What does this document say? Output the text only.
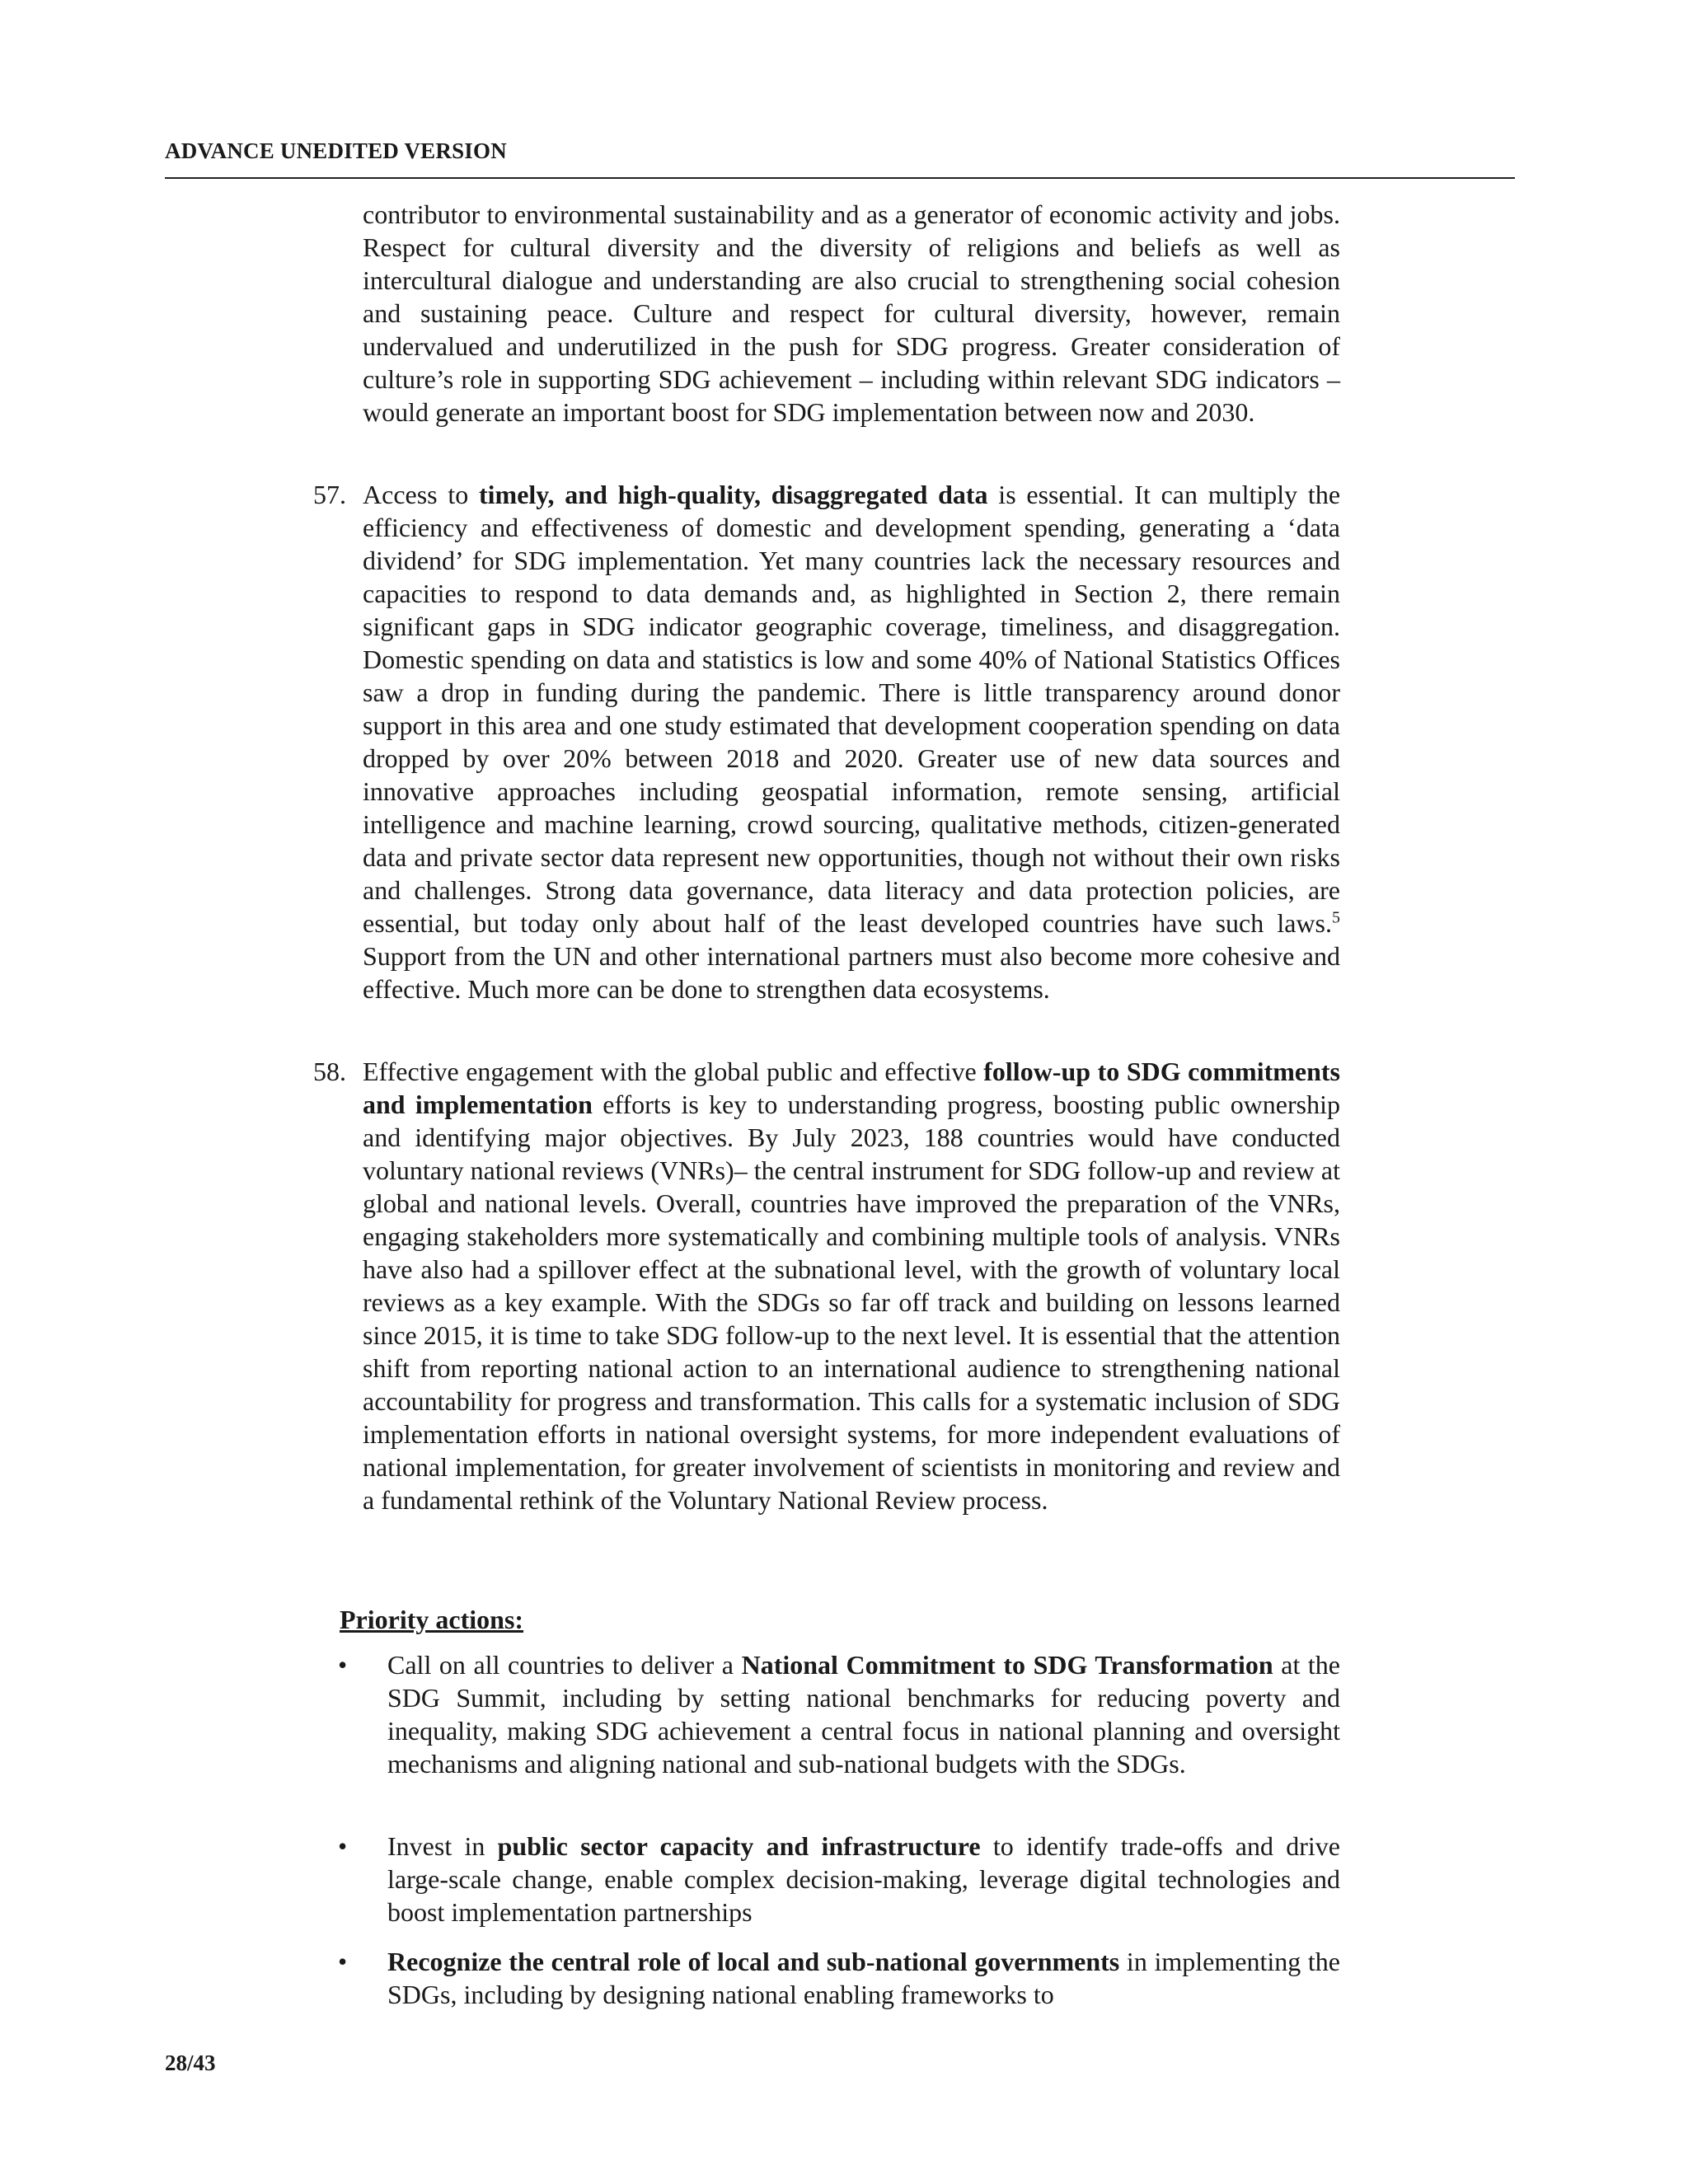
ADVANCE UNEDITED VERSION
contributor to environmental sustainability and as a generator of economic activity and jobs. Respect for cultural diversity and the diversity of religions and beliefs as well as intercultural dialogue and understanding are also crucial to strengthening social cohesion and sustaining peace. Culture and respect for cultural diversity, however, remain undervalued and underutilized in the push for SDG progress. Greater consideration of culture’s role in supporting SDG achievement – including within relevant SDG indicators – would generate an important boost for SDG implementation between now and 2030.
57. Access to timely, and high-quality, disaggregated data is essential. It can multiply the efficiency and effectiveness of domestic and development spending, generating a ‘data dividend’ for SDG implementation. Yet many countries lack the necessary resources and capacities to respond to data demands and, as highlighted in Section 2, there remain significant gaps in SDG indicator geographic coverage, timeliness, and disaggregation. Domestic spending on data and statistics is low and some 40% of National Statistics Offices saw a drop in funding during the pandemic. There is little transparency around donor support in this area and one study estimated that development cooperation spending on data dropped by over 20% between 2018 and 2020. Greater use of new data sources and innovative approaches including geospatial information, remote sensing, artificial intelligence and machine learning, crowd sourcing, qualitative methods, citizen-generated data and private sector data represent new opportunities, though not without their own risks and challenges. Strong data governance, data literacy and data protection policies, are essential, but today only about half of the least developed countries have such laws.$^5$ Support from the UN and other international partners must also become more cohesive and effective. Much more can be done to strengthen data ecosystems.
58. Effective engagement with the global public and effective follow-up to SDG commitments and implementation efforts is key to understanding progress, boosting public ownership and identifying major objectives. By July 2023, 188 countries would have conducted voluntary national reviews (VNRs)– the central instrument for SDG follow-up and review at global and national levels. Overall, countries have improved the preparation of the VNRs, engaging stakeholders more systematically and combining multiple tools of analysis. VNRs have also had a spillover effect at the subnational level, with the growth of voluntary local reviews as a key example. With the SDGs so far off track and building on lessons learned since 2015, it is time to take SDG follow-up to the next level. It is essential that the attention shift from reporting national action to an international audience to strengthening national accountability for progress and transformation. This calls for a systematic inclusion of SDG implementation efforts in national oversight systems, for more independent evaluations of national implementation, for greater involvement of scientists in monitoring and review and a fundamental rethink of the Voluntary National Review process.
Priority actions:
• Call on all countries to deliver a National Commitment to SDG Transformation at the SDG Summit, including by setting national benchmarks for reducing poverty and inequality, making SDG achievement a central focus in national planning and oversight mechanisms and aligning national and sub-national budgets with the SDGs.
• Invest in public sector capacity and infrastructure to identify trade-offs and drive large-scale change, enable complex decision-making, leverage digital technologies and boost implementation partnerships
• Recognize the central role of local and sub-national governments in implementing the SDGs, including by designing national enabling frameworks to
28/43
